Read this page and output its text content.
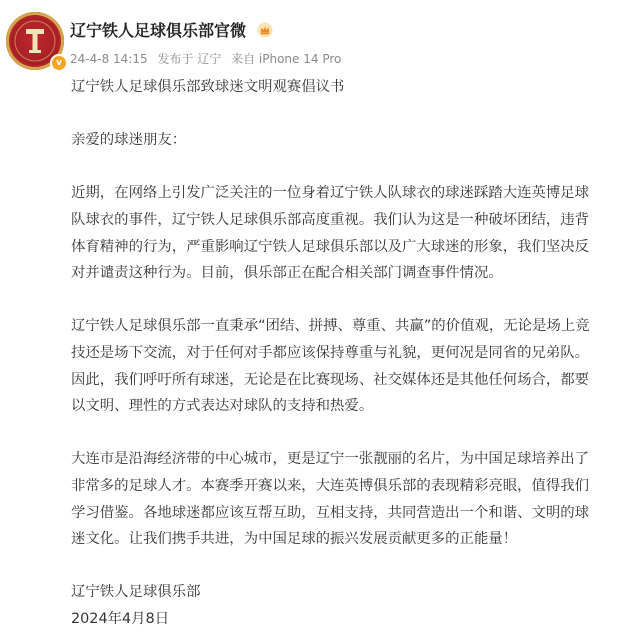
v
辽宁铁人足球俱乐部官微
24-4-8 14:15 发布于 辽宁 来自 iPhone 14 Pro

辽宁铁人足球俱乐部致球迷文明观赛倡议书

亲爱的球迷朋友：

近期，在网络上引发广泛关注的一位身着辽宁铁人队球衣的球迷踩踏大连英博足球

队球衣的事件，辽宁铁人足球俱乐部高度重视。我们认为这是一种破坏团结，违背

体育精神的行为，严重影响辽宁铁人足球俱乐部以及广大球迷的形象，我们坚决反

对并谴责这种行为。目前，俱乐部正在配合相关部门调查事件情况。

辽宁铁人足球俱乐部一直秉承“团结、拼搏、尊重、共赢”的价值观，无论是场上竞

技还是场下交流，对于任何对手都应该保持尊重与礼貌，更何况是同省的兄弟队。

因此，我们呼吁所有球迷，无论是在比赛现场、社交媒体还是其他任何场合，都要

以文明、理性的方式表达对球队的支持和热爱。

大连市是沿海经济带的中心城市，更是辽宁一张靓丽的名片，为中国足球培养出了

非常多的足球人才。本赛季开赛以来，大连英博俱乐部的表现精彩亮眼，值得我们

学习借鉴。各地球迷都应该互帮互助，互相支持，共同营造出一个和谐、文明的球

迷文化。让我们携手共进，为中国足球的振兴发展贡献更多的正能量！

辽宁铁人足球俱乐部

2024年4月8日
